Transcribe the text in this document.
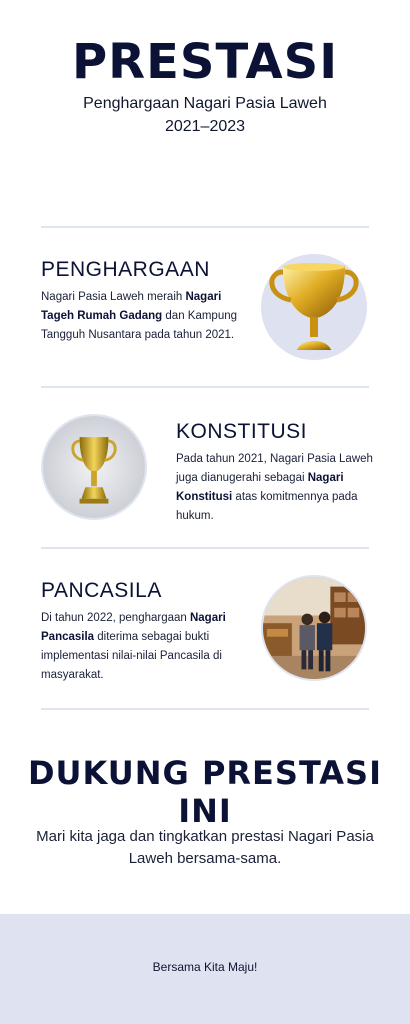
PRESTASI
Penghargaan Nagari Pasia Laweh
2021–2023
PENGHARGAAN

Nagari Pasia Laweh meraih Nagari Tageh Rumah Gadang dan Kampung Tangguh Nusantara pada tahun 2021.

KONSTITUSI

Pada tahun 2021, Nagari Pasia Laweh juga dianugerahi sebagai Nagari Konstitusi atas komitmennya pada hukum.

PANCASILA

Di tahun 2022, penghargaan Nagari Pancasila diterima sebagai bukti implementasi nilai-nilai Pancasila di masyarakat.

DUKUNG PRESTASI INI
Mari kita jaga dan tingkatkan prestasi Nagari Pasia Laweh bersama-sama.
Bersama Kita Maju!
